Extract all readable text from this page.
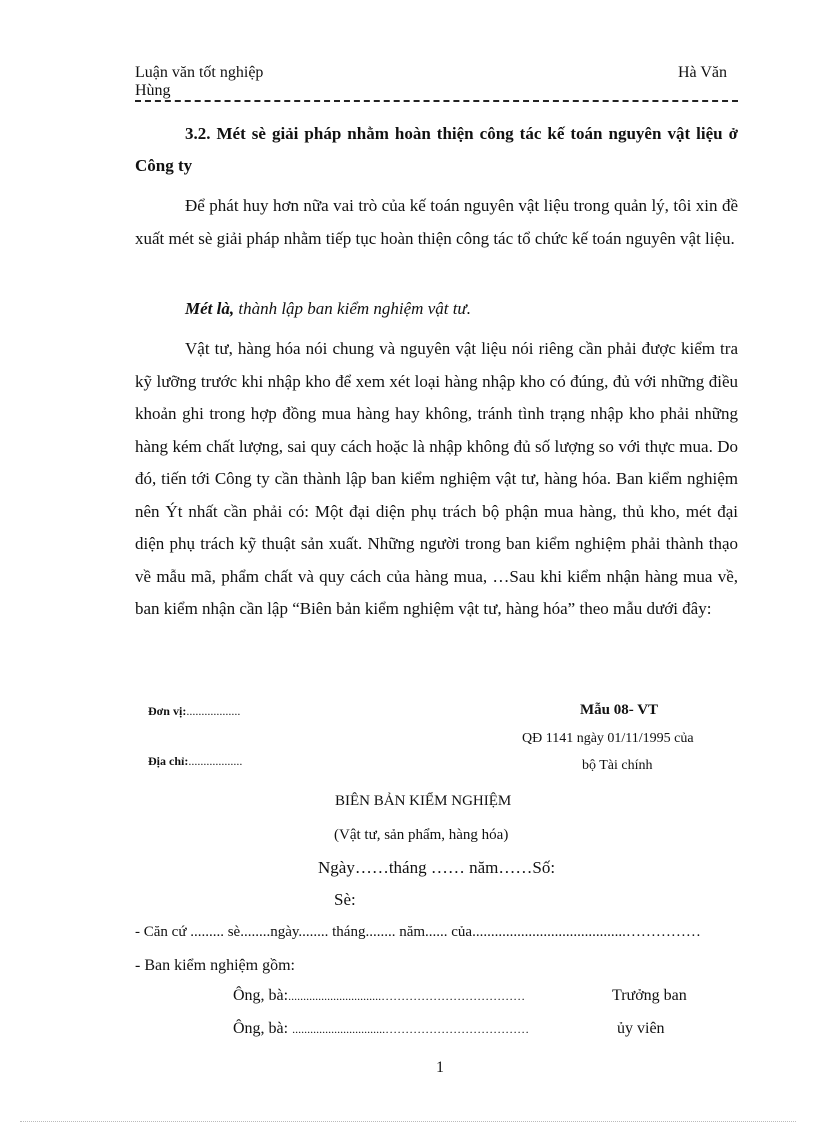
Luận văn tốt nghiệp	Hà Văn
Hùng
3.2. Mét sè giải pháp nhằm hoàn thiện công tác kế toán nguyên vật liệu ở Công ty
Để phát huy hơn nữa vai trò của kế toán nguyên vật liệu trong quản lý, tôi xin đề xuất mét sè giải pháp nhằm tiếp tục hoàn thiện công tác tổ chức kế toán nguyên vật liệu.
Mét là, thành lập ban kiểm nghiệm vật tư.
Vật tư, hàng hóa nói chung và nguyên vật liệu nói riêng cần phải được kiểm tra kỹ lưỡng trước khi nhập kho để xem xét loại hàng nhập kho có đúng, đủ với những điều khoản ghi trong hợp đồng mua hàng hay không, tránh tình trạng nhập kho phải những hàng kém chất lượng, sai quy cách hoặc là nhập không đủ số lượng so với thực mua. Do đó, tiến tới Công ty cần thành lập ban kiểm nghiệm vật tư, hàng hóa. Ban kiểm nghiệm nên Ýt nhất cần phải có: Một đại diện phụ trách bộ phận mua hàng, thủ kho, mét đại diện phụ trách kỹ thuật sản xuất. Những người trong ban kiểm nghiệm phải thành thạo về mẫu mã, phẩm chất và quy cách của hàng mua, …Sau khi kiểm nhận hàng mua về, ban kiểm nhận cần lập “Biên bản kiểm nghiệm vật tư, hàng hóa” theo mẫu dưới đây:
Đơn vị:..................
Địa chỉ:..................
Mẫu 08- VT
QĐ 1141 ngày 01/11/1995 của
bộ Tài chính
BIÊN BẢN KIỂM NGHIỆM
(Vật tư, sản phẩm, hàng hóa)
Ngày……tháng …… năm……Số:
Sè:
- Căn cứ ......... sè........ngày........ tháng........ năm...... của.........................................……………
- Ban kiểm nghiệm gồm:
Ông, bà:...............................………………………………	Trưởng ban
Ông, bà: ...............................………………………………	ủy viên
1
